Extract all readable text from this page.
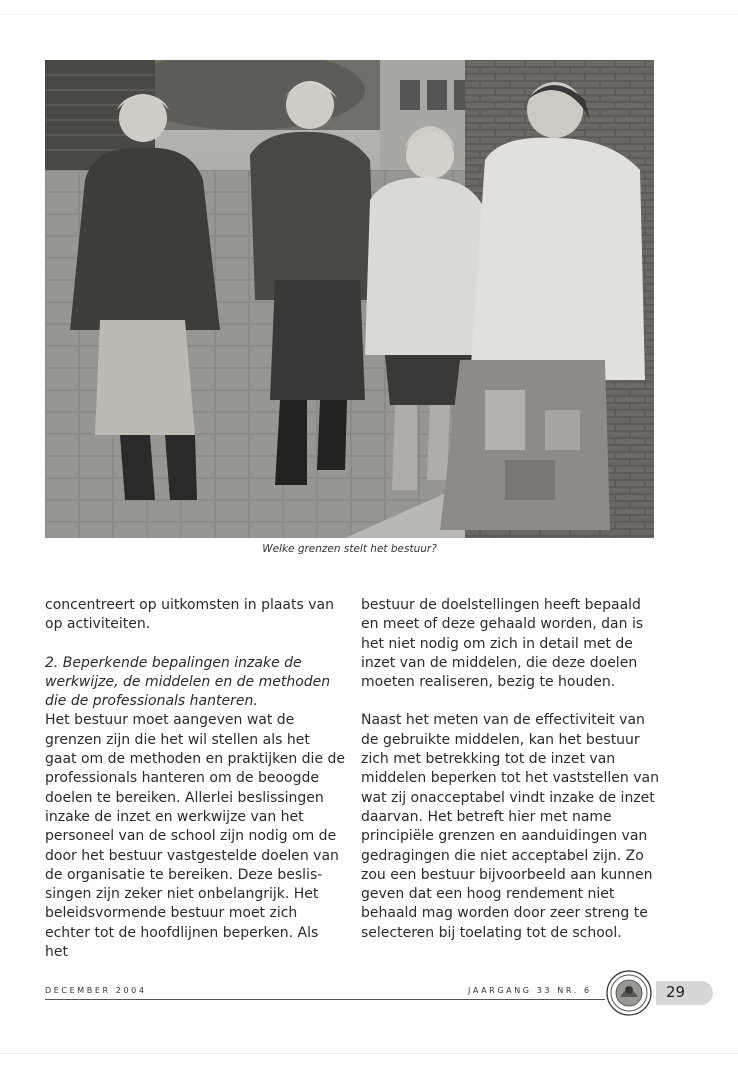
Welke grenzen stelt het bestuur?

concentreert op uitkomsten in plaats van op activiteiten.

2. Beperkende bepalingen inzake de werkwijze, de middelen en de methoden die de professionals hanteren.

Het bestuur moet aangeven wat de grenzen zijn die het wil stellen als het gaat om de methoden en praktijken die de professionals hanteren om de beoogde doelen te bereiken. Allerlei beslissingen inzake de inzet en werkwijze van het personeel van de school zijn nodig om de door het bestuur vastgestelde doelen van de organisatie te bereiken. Deze beslis- singen zijn zeker niet onbelangrijk. Het beleidsvormende bestuur moet zich echter tot de hoofdlijnen beperken. Als het

bestuur de doelstellingen heeft bepaald en meet of deze gehaald worden, dan is het niet nodig om zich in detail met de inzet van de middelen, die deze doelen moeten realiseren, bezig te houden.

Naast het meten van de effectiviteit van de gebruikte middelen, kan het bestuur zich met betrekking tot de inzet van middelen beperken tot het vaststellen van wat zij onacceptabel vindt inzake de inzet daarvan. Het betreft hier met name principiële grenzen en aanduidingen van gedragingen die niet acceptabel zijn. Zo zou een bestuur bijvoorbeeld aan kunnen geven dat een hoog rendement niet behaald mag worden door zeer streng te selecteren bij toelating tot de school.

DECEMBER 2004	JAARGANG 33 NR. 6	29
